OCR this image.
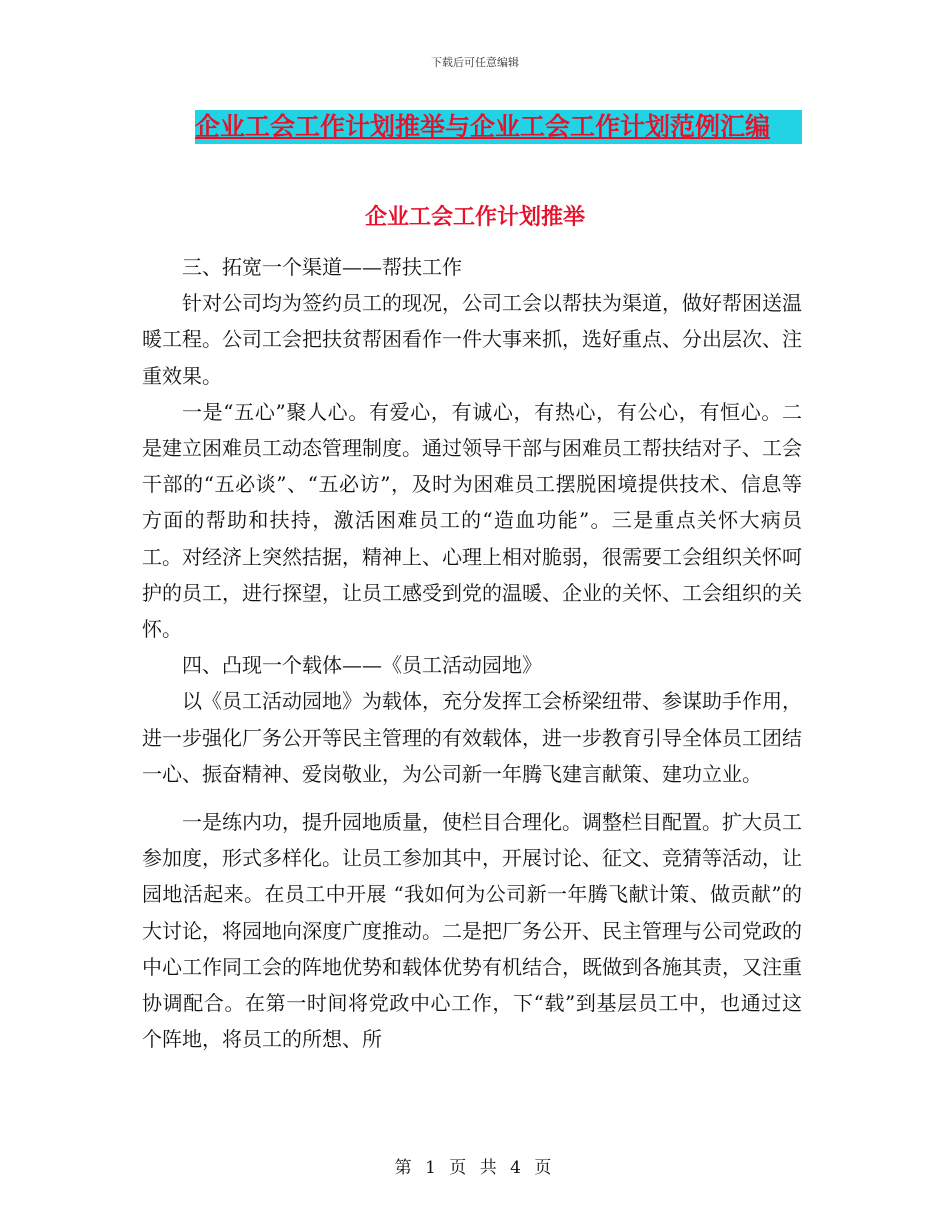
下载后可任意编辑
企业工会工作计划推举与企业工会工作计划范例汇编
企业工会工作计划推举

三、拓宽一个渠道——帮扶工作

针对公司均为签约员工的现况，公司工会以帮扶为渠道，做好帮困送温暖工程。公司工会把扶贫帮困看作一件大事来抓，选好重点、分出层次、注重效果。

一是“五心”聚人心。有爱心，有诚心，有热心，有公心，有恒心。二是建立困难员工动态管理制度。通过领导干部与困难员工帮扶结对子、工会干部的“五必谈”、“五必访”，及时为困难员工摆脱困境提供技术、信息等方面的帮助和扶持，激活困难员工的“造血功能”。三是重点关怀大病员工。对经济上突然拮据，精神上、心理上相对脆弱，很需要工会组织关怀呵护的员工，进行探望，让员工感受到党的温暖、企业的关怀、工会组织的关怀。

四、凸现一个载体——《员工活动园地》

以《员工活动园地》为载体，充分发挥工会桥梁纽带、参谋助手作用，进一步强化厂务公开等民主管理的有效载体，进一步教育引导全体员工团结一心、振奋精神、爱岗敬业，为公司新一年腾飞建言献策、建功立业。

一是练内功，提升园地质量，使栏目合理化。调整栏目配置。扩大员工参加度，形式多样化。让员工参加其中，开展讨论、征文、竞猜等活动，让园地活起来。在员工中开展 “我如何为公司新一年腾飞献计策、做贡献”的大讨论，将园地向深度广度推动。二是把厂务公开、民主管理与公司党政的中心工作同工会的阵地优势和载体优势有机结合，既做到各施其责，又注重协调配合。在第一时间将党政中心工作，下“载”到基层员工中，也通过这个阵地，将员工的所想、所

第 1 页 共 4 页
